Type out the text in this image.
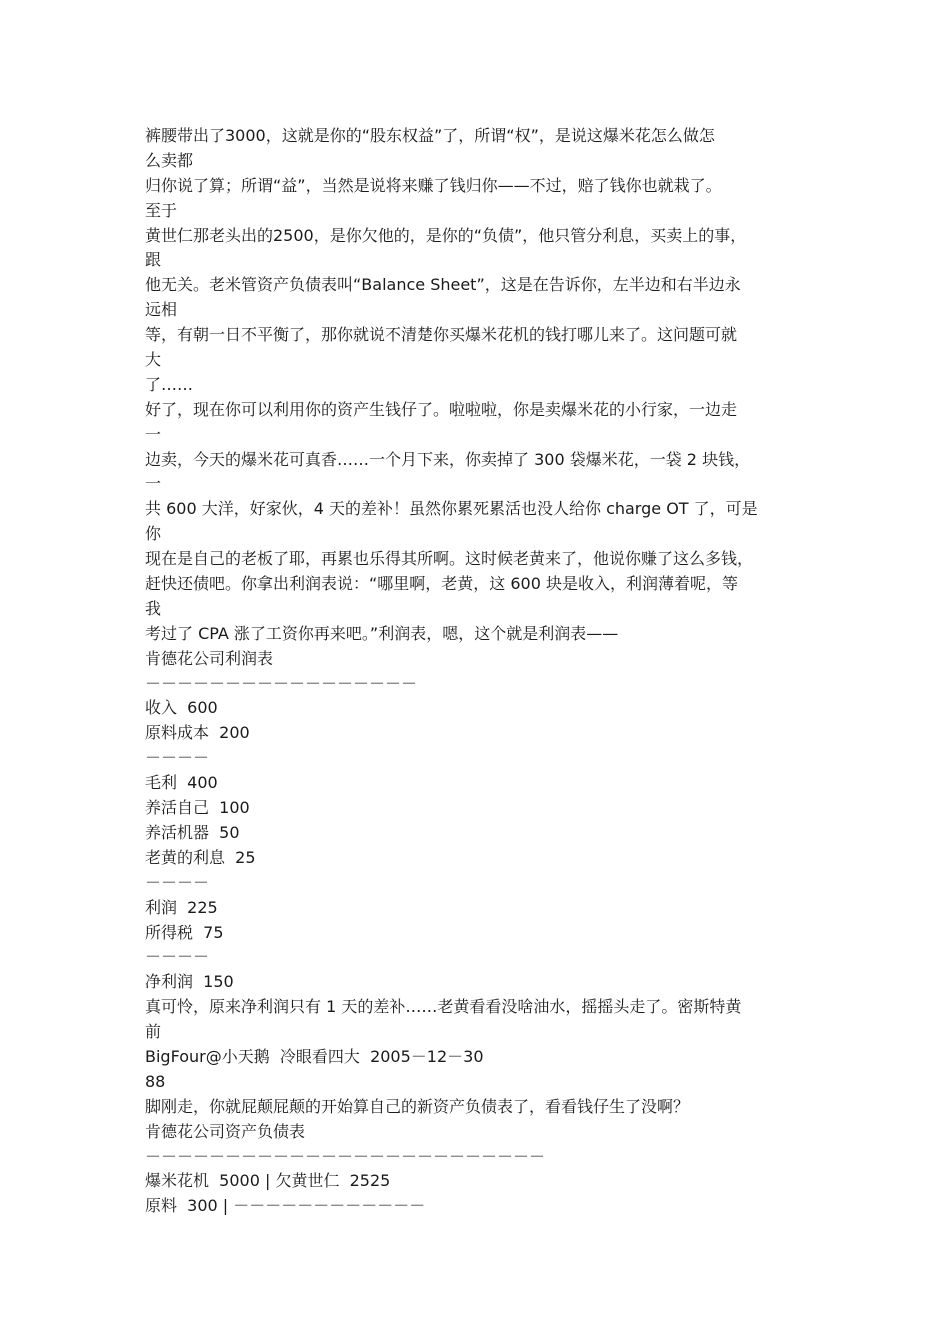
裤腰带出了3000，这就是你的“股东权益”了，所谓“权”，是说这爆米花怎么做怎
么卖都
归你说了算；所谓“益”，当然是说将来赚了钱归你——不过，赔了钱你也就栽了。
至于
黄世仁那老头出的2500，是你欠他的，是你的“负债”，他只管分利息，买卖上的事，
跟
他无关。老米管资产负债表叫“Balance Sheet”，这是在告诉你，左半边和右半边永
远相
等，有朝一日不平衡了，那你就说不清楚你买爆米花机的钱打哪儿来了。这问题可就
大
了……
好了，现在你可以利用你的资产生钱仔了。啦啦啦，你是卖爆米花的小行家，一边走
一
边卖，今天的爆米花可真香……一个月下来，你卖掉了 300 袋爆米花，一袋 2 块钱，
一
共 600 大洋，好家伙，4 天的差补！虽然你累死累活也没人给你 charge OT 了，可是
你
现在是自己的老板了耶，再累也乐得其所啊。这时候老黄来了，他说你赚了这么多钱，
赶快还债吧。你拿出利润表说：“哪里啊，老黄，这 600 块是收入，利润薄着呢，等
我
考过了 CPA 涨了工资你再来吧。”利润表，嗯，这个就是利润表——
肯德花公司利润表
－－－－－－－－－－－－－－－－－
收入  600
原料成本  200
－－－－
毛利  400
养活自己  100
养活机器  50
老黄的利息  25
－－－－
利润  225
所得税  75
－－－－
净利润  150
真可怜，原来净利润只有 1 天的差补……老黄看看没啥油水，摇摇头走了。密斯特黄
前
BigFour@小天鹅  冷眼看四大  2005－12－30
88
脚刚走，你就屁颠屁颠的开始算自己的新资产负债表了，看看钱仔生了没啊？
肯德花公司资产负债表
－－－－－－－－－－－－－－－－－－－－－－－－－
爆米花机  5000 | 欠黄世仁  2525
原料  300 | －－－－－－－－－－－－
